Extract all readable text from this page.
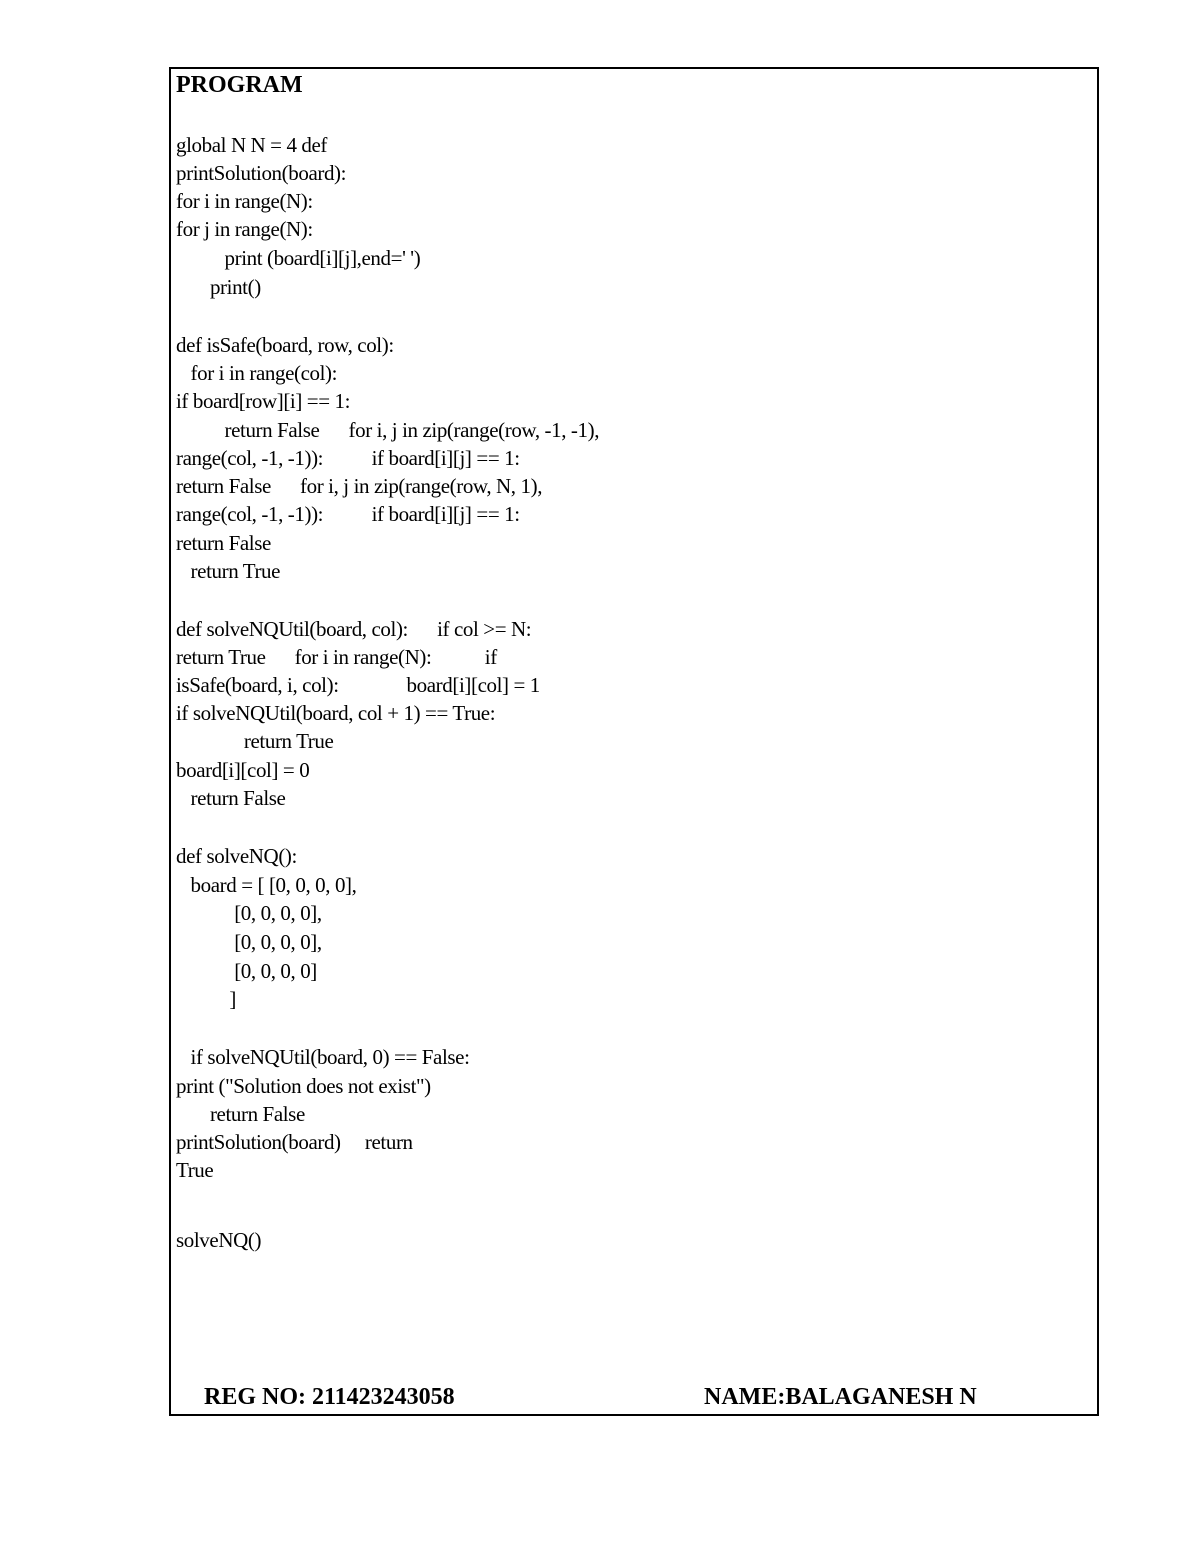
PROGRAM
global N N = 4 def
printSolution(board):
for i in range(N):
for j in range(N):
print (board[i][j],end=' ')
print()
def isSafe(board, row, col):
for i in range(col):
if board[row][i] == 1:
return False      for i, j in zip(range(row, -1, -1),
range(col, -1, -1)):          if board[i][j] == 1:
return False      for i, j in zip(range(row, N, 1),
range(col, -1, -1)):          if board[i][j] == 1:
return False
return True
def solveNQUtil(board, col):      if col >= N:
return True      for i in range(N):           if
isSafe(board, i, col):              board[i][col] = 1
if solveNQUtil(board, col + 1) == True:
return True
board[i][col] = 0
return False
def solveNQ():
board = [ [0, 0, 0, 0],
[0, 0, 0, 0],
[0, 0, 0, 0],
[0, 0, 0, 0]
]
if solveNQUtil(board, 0) == False:
print ("Solution does not exist")
return False
printSolution(board)     return
True
solveNQ()
REG NO: 211423243058	NAME:BALAGANESH N
